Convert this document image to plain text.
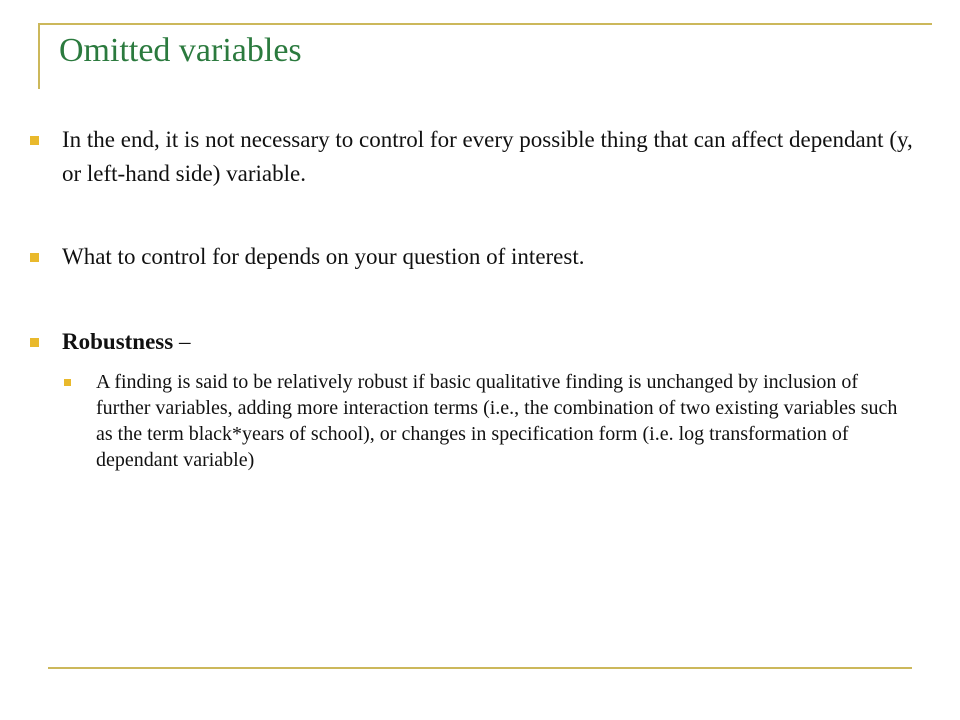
Omitted variables
In the end, it is not necessary to control for every possible thing that can affect dependant (y, or left-hand side) variable.
What to control for depends on your question of interest.
Robustness –
A finding is said to be relatively robust if basic qualitative finding is unchanged by inclusion of further variables, adding more interaction terms (i.e., the combination of two existing variables such as the term black*years of school), or changes in specification form (i.e. log transformation of dependant variable)
